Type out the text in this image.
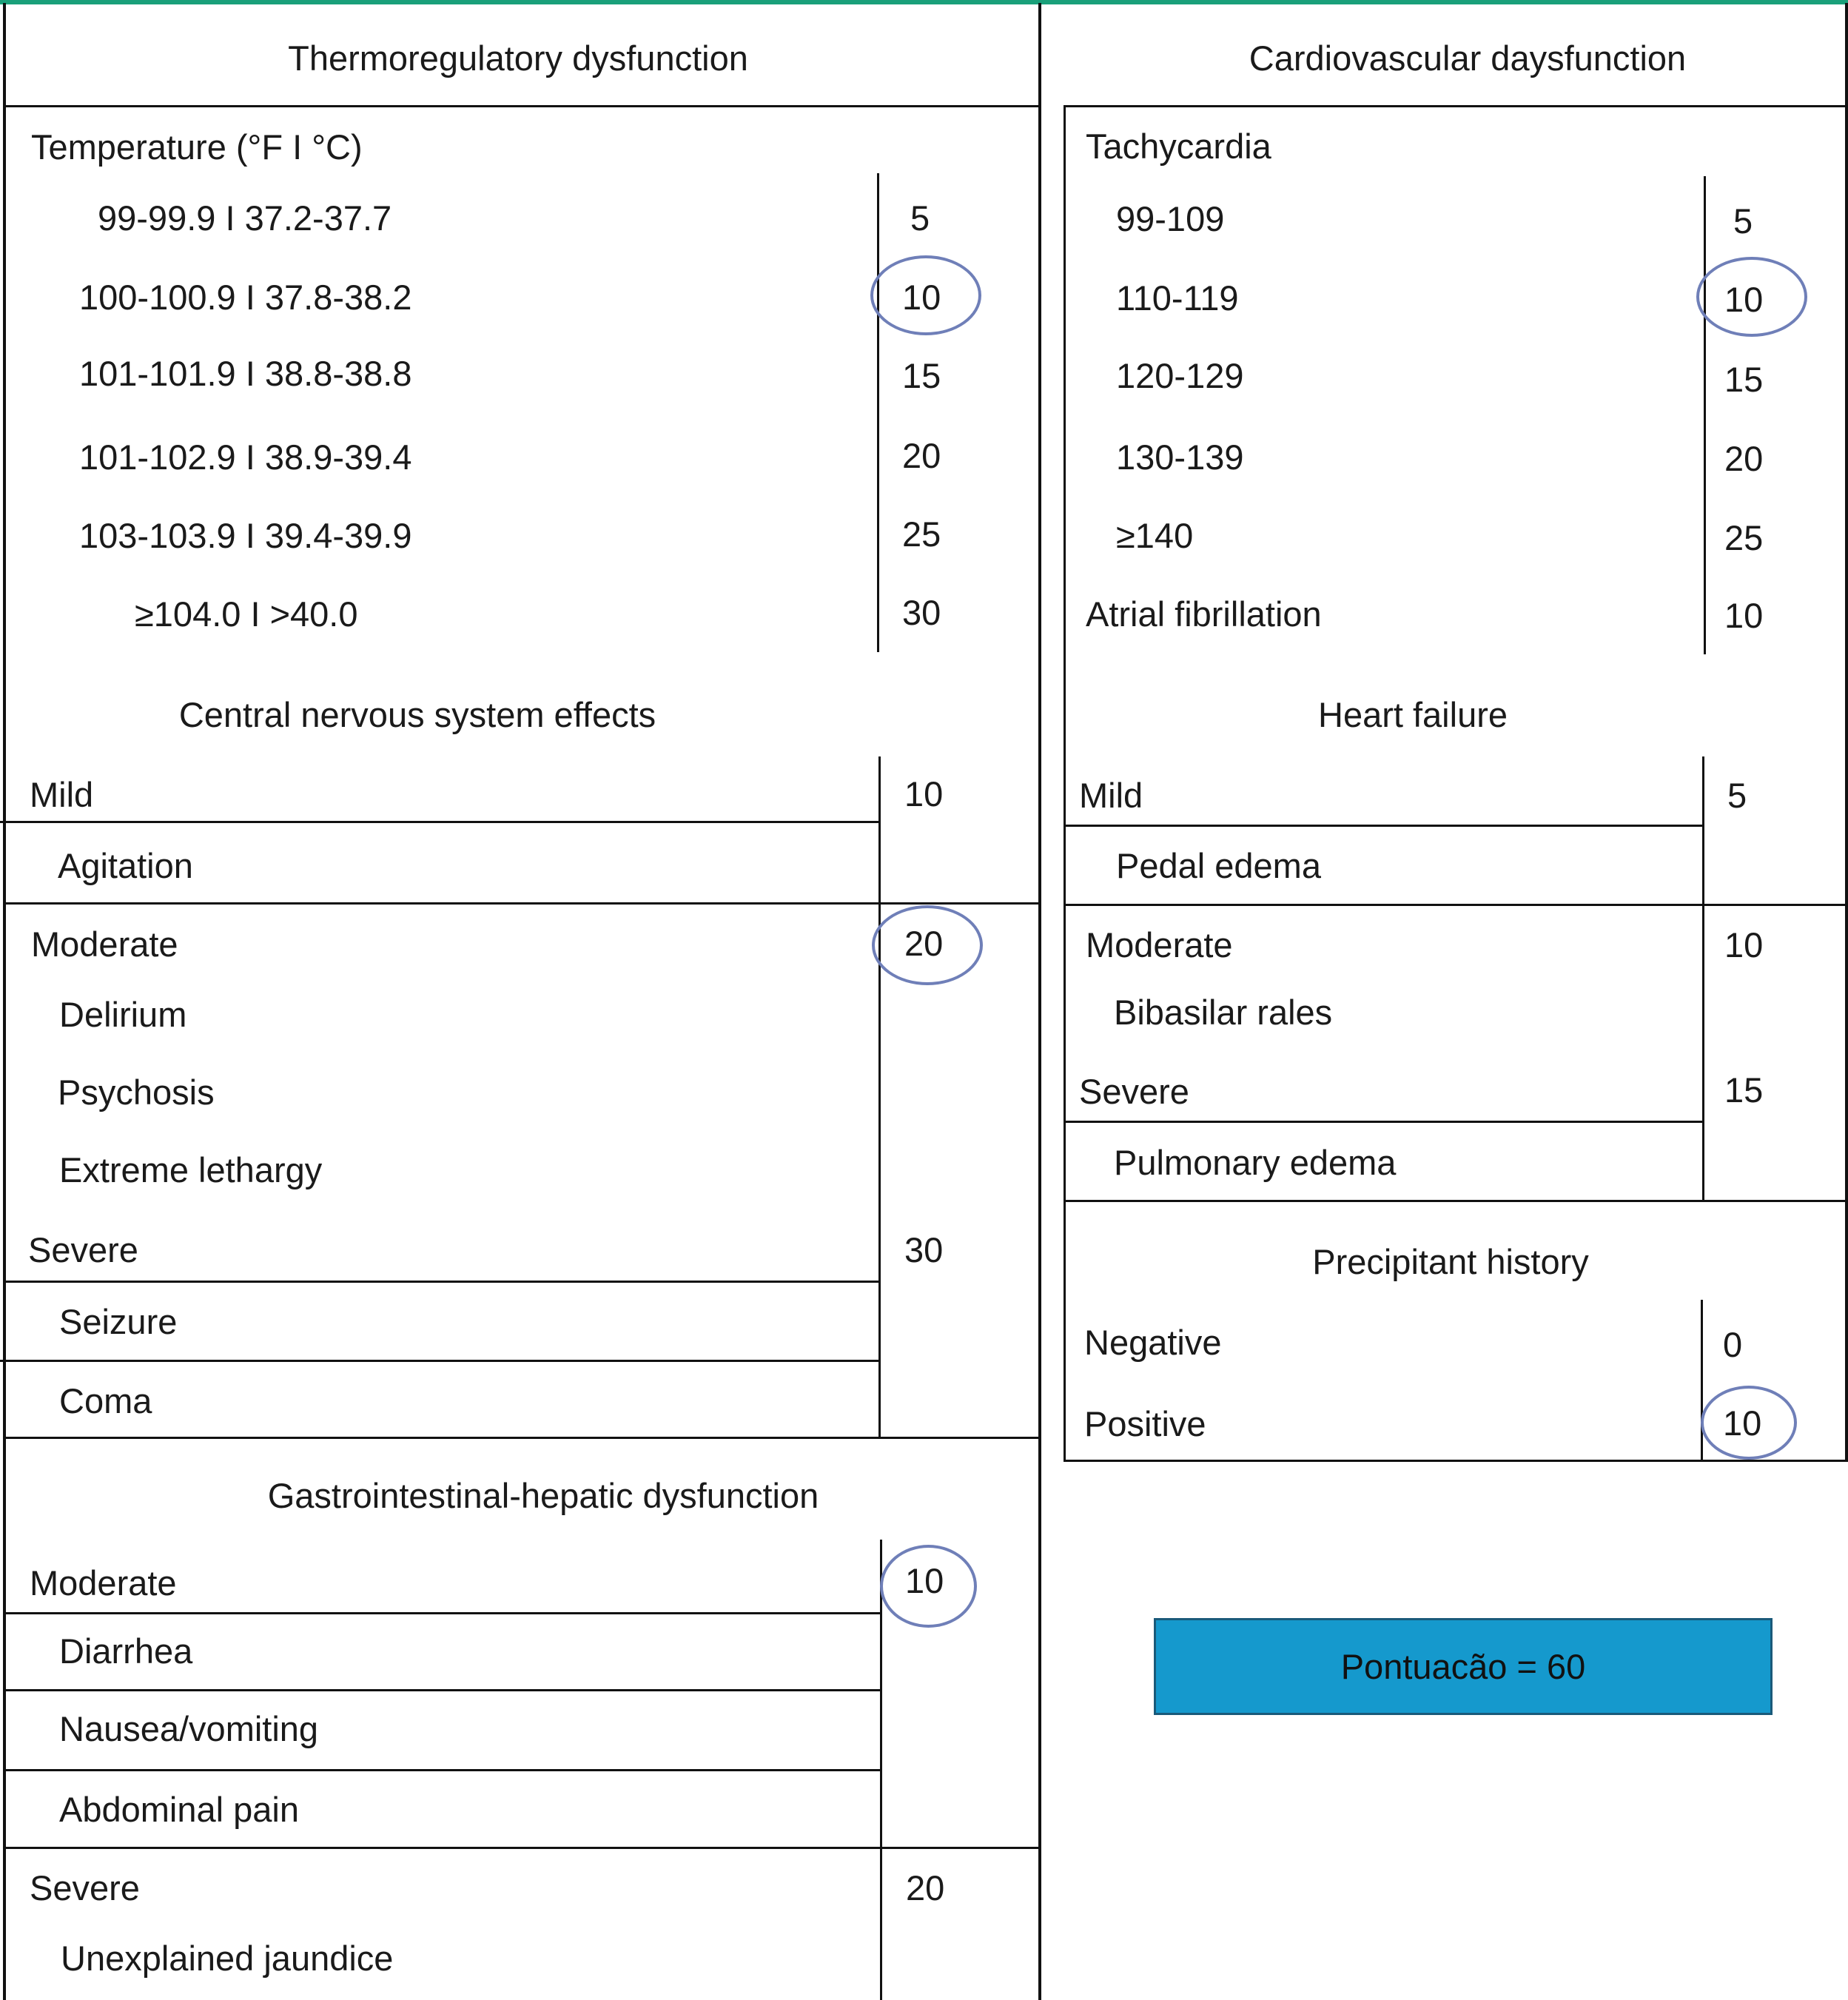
Thermoregulatory dysfunction
Temperature (°F I °C)
99-99.9 I 37.2-37.7	5
100-100.9 I 37.8-38.2	10
101-101.9 I 38.8-38.8	15
101-102.9 I 38.9-39.4	20
103-103.9 I 39.4-39.9	25
≥104.0 I >40.0	30
Central nervous system effects
Mild	10
Agitation
Moderate	20
Delirium
Psychosis
Extreme lethargy
Severe	30
Seizure
Coma
Gastrointestinal-hepatic dysfunction
Moderate	10
Diarrhea
Nausea/vomiting
Abdominal pain
Severe	20
Unexplained jaundice
Cardiovascular daysfunction
Tachycardia
99-109	5
110-119	10
120-129	15
130-139	20
≥140	25
Atrial fibrillation	10
Heart failure
Mild	5
Pedal edema
Moderate	10
Bibasilar rales
Severe	15
Pulmonary edema
Precipitant history
Negative	0
Positive	10
Pontuacão = 60
